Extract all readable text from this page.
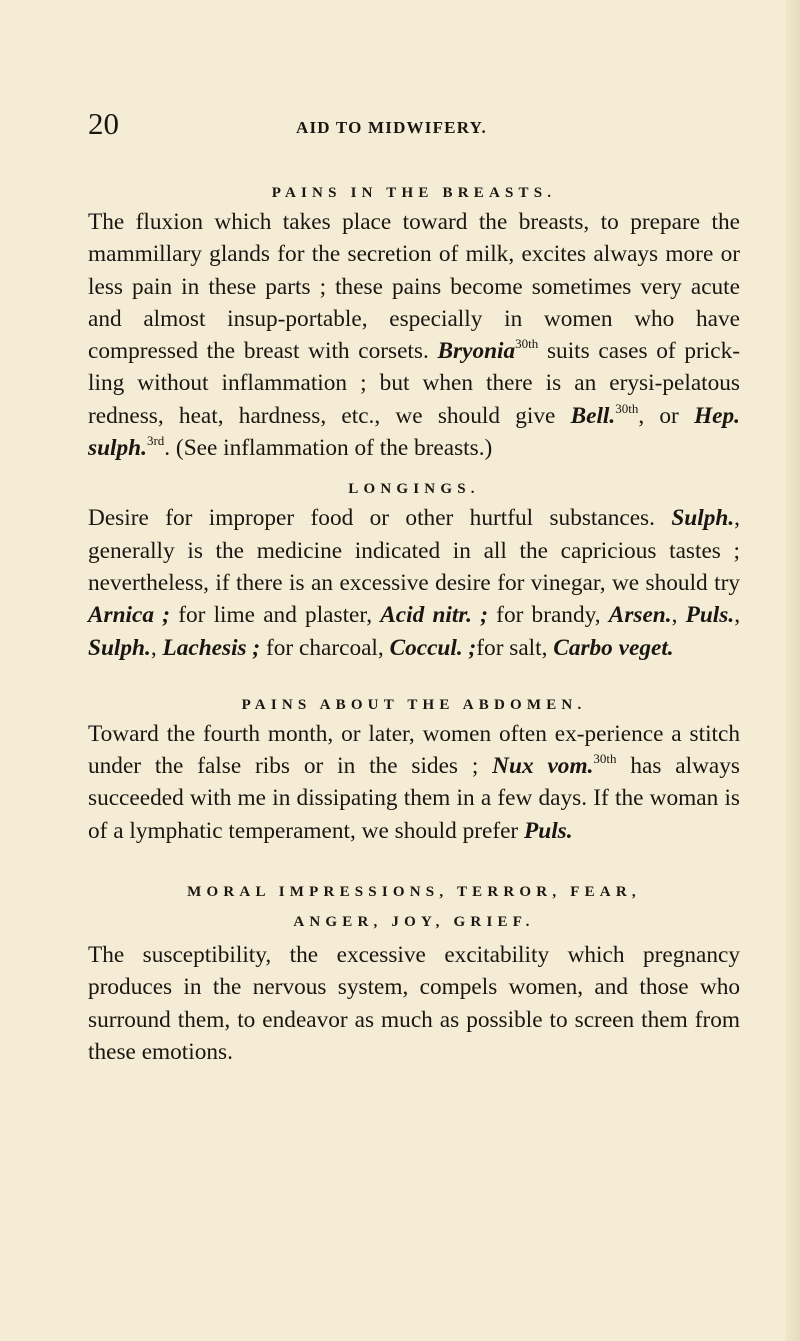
20	AID TO MIDWIFERY.
PAINS IN THE BREASTS.

The fluxion which takes place toward the breasts, to prepare the mammillary glands for the secretion of milk, excites always more or less pain in these parts ; these pains become sometimes very acute and almost insup-portable, especially in women who have compressed the breast with corsets. Bryonia$^{30th}$ suits cases of prick-ling without inflammation ; but when there is an erysi-pelatous redness, heat, hardness, etc., we should give Bell.$^{30th}$, or Hep. sulph.$^{3rd}$. (See inflammation of the breasts.)

LONGINGS.

Desire for improper food or other hurtful substances. Sulph., generally is the medicine indicated in all the capricious tastes ; nevertheless, if there is an excessive desire for vinegar, we should try Arnica ; for lime and plaster, Acid nitr. ; for brandy, Arsen., Puls., Sulph., Lachesis ; for charcoal, Coccul. ;for salt, Carbo veget.

PAINS ABOUT THE ABDOMEN.

Toward the fourth month, or later, women often ex-perience a stitch under the false ribs or in the sides ; Nux vom.$^{30th}$ has always succeeded with me in dissipating them in a few days. If the woman is of a lymphatic temperament, we should prefer Puls.

MORAL IMPRESSIONS, TERROR, FEAR,
ANGER, JOY, GRIEF.

The susceptibility, the excessive excitability which pregnancy produces in the nervous system, compels women, and those who surround them, to endeavor as much as possible to screen them from these emotions.
